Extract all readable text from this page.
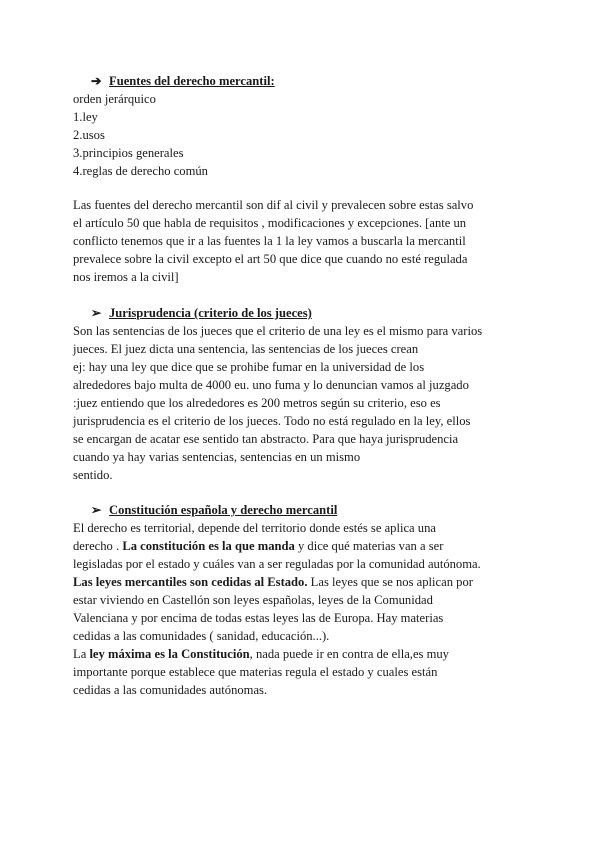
➔ Fuentes del derecho mercantil:
orden jerárquico
1.ley
2.usos
3.principios generales
4.reglas de derecho común
Las fuentes del derecho mercantil son dif al civil y prevalecen sobre estas salvo
el artículo 50 que habla de requisitos , modificaciones y excepciones. [ante un
conflicto tenemos que ir a las fuentes la 1 la ley vamos a buscarla la mercantil
prevalece sobre la civil excepto el art 50 que dice que cuando no esté regulada
nos iremos a la civil]
➢ Jurisprudencia (criterio de los jueces)
Son las sentencias de los jueces que el criterio de una ley es el mismo para varios
jueces. El juez dicta una sentencia, las sentencias de los jueces crean
ej: hay una ley que dice que se prohibe fumar en la universidad de los
alrededores bajo multa de 4000 eu. uno fuma y lo denuncian vamos al juzgado
:juez entiendo que los alrededores es 200 metros según su criterio, eso es
jurisprudencia es el criterio de los jueces. Todo no está regulado en la ley, ellos
se encargan de acatar ese sentido tan abstracto. Para que haya jurisprudencia
cuando ya hay varias sentencias, sentencias en un mismo
sentido.
➢ Constitución española y derecho mercantil
El derecho es territorial, depende del territorio donde estés se aplica una
derecho . La constitución es la que manda y dice qué materias van a ser
legisladas por el estado y cuáles van a ser reguladas por la comunidad autónoma.
Las leyes mercantiles son cedidas al Estado. Las leyes que se nos aplican por
estar viviendo en Castellón son leyes españolas, leyes de la Comunidad
Valenciana y por encima de todas estas leyes las de Europa. Hay materias
cedidas a las comunidades ( sanidad, educación...).
La ley máxima es la Constitución, nada puede ir en contra de ella,es muy
importante porque establece que materias regula el estado y cuales están
cedidas a las comunidades autónomas.
